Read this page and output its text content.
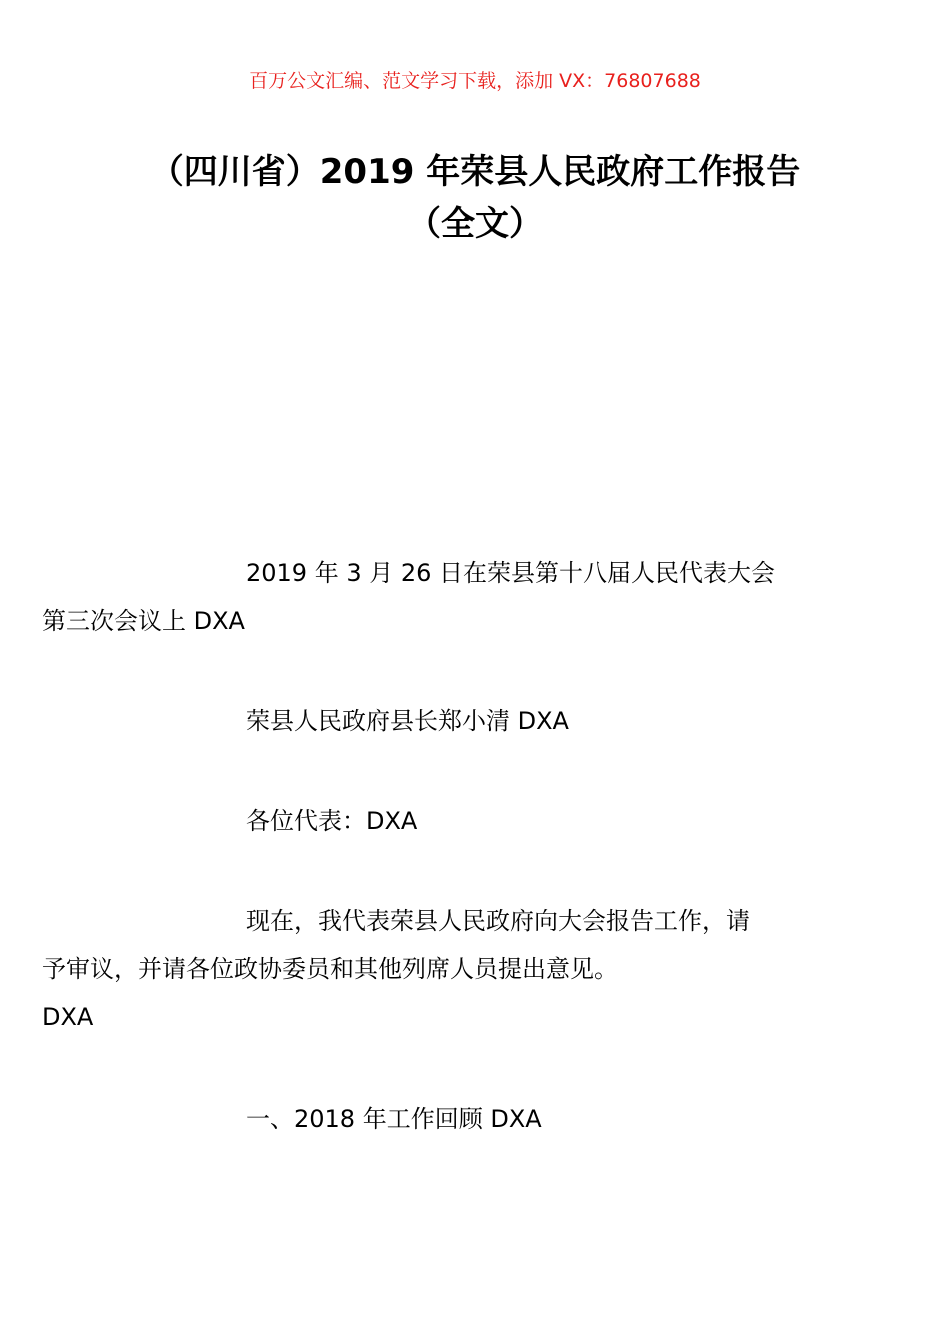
百万公文汇编、范文学习下载，添加 VX：76807688
（四川省）2019 年荣县人民政府工作报告
（全文）
2019 年 3 月 26 日在荣县第十八届人民代表大会
第三次会议上 DXA
荣县人民政府县长郑小清 DXA
各位代表：DXA
现在，我代表荣县人民政府向大会报告工作，请
予审议，并请各位政协委员和其他列席人员提出意见。
DXA
一、2018 年工作回顾 DXA
